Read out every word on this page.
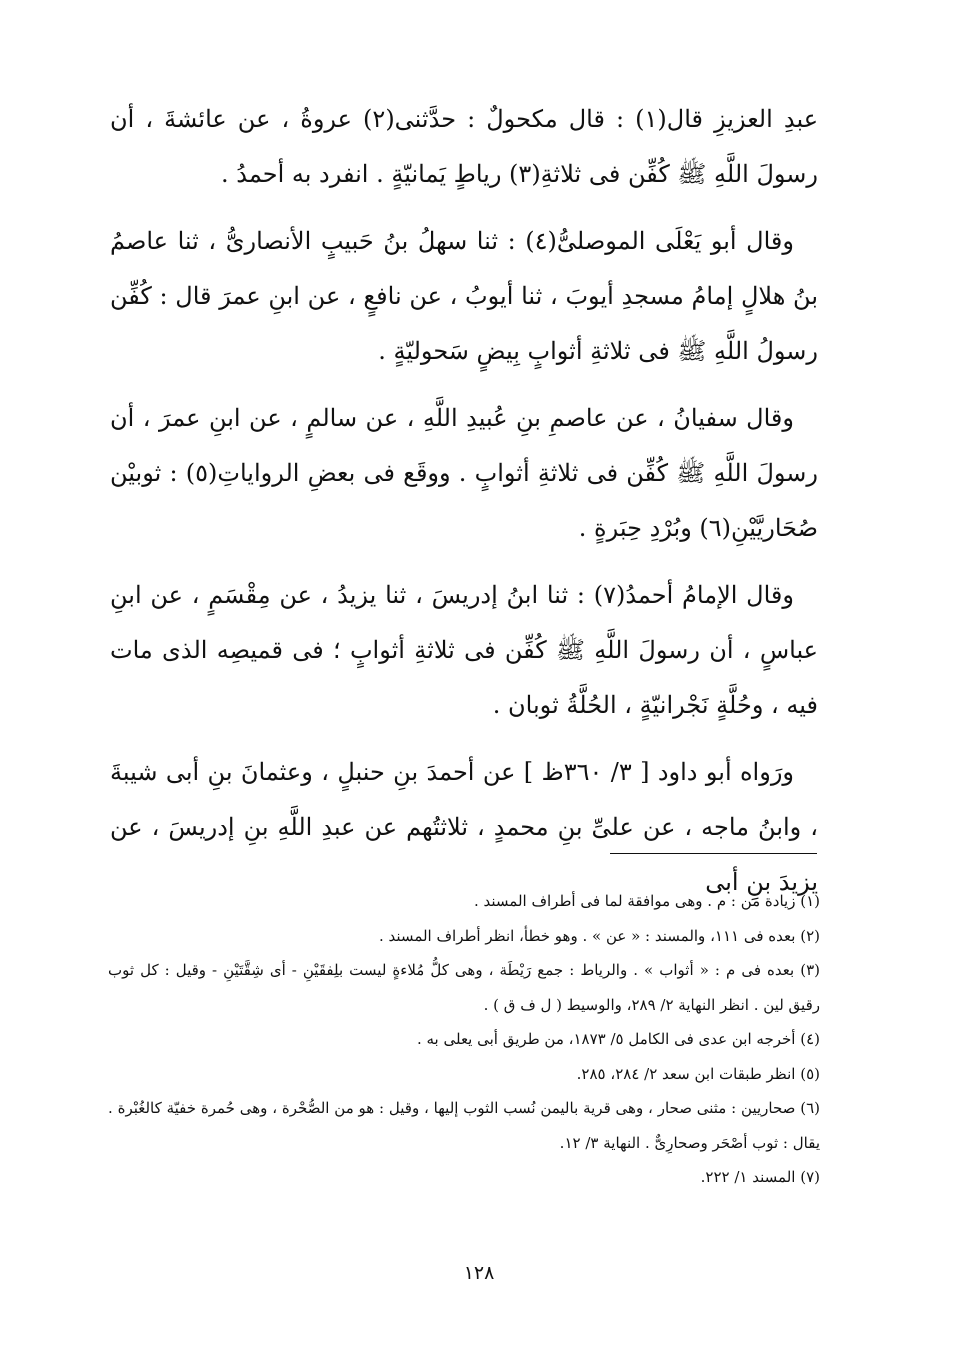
عبدِ العزيزِ قال(١) : قال مكحولٌ : حدَّثنى(٢) عروةُ ، عن عائشةَ ، أن رسولَ اللَّهِ ﷺ كُفِّن فى ثلاثةِ(٣) رياطٍ يَمانيّةٍ . انفرد به أحمدُ .

وقال أبو يَعْلَى الموصلىُّ(٤) : ثنا سهلُ بنُ حَبيبٍ الأنصارىُّ ، ثنا عاصمُ بنُ هلالٍ إمامُ مسجدِ أيوبَ ، ثنا أيوبُ ، عن نافعٍ ، عن ابنِ عمرَ قال : كُفِّن رسولُ اللَّهِ ﷺ فى ثلاثةِ أثوابٍ بِيضٍ سَحوليّةٍ .

وقال سفيانُ ، عن عاصمِ بنِ عُبيدِ اللَّهِ ، عن سالمٍ ، عن ابنِ عمرَ ، أن رسولَ اللَّهِ ﷺ كُفِّن فى ثلاثةِ أثوابٍ . ووقَع فى بعضِ الرواياتِ(٥) : ثوبيْن صُحَاريَّيْنِ(٦) وبُرْدِ حِبَرةٍ .

وقال الإمامُ أحمدُ(٧) : ثنا ابنُ إدريسَ ، ثنا يزيدُ ، عن مِقْسَمٍ ، عن ابنِ عباسٍ ، أن رسولَ اللَّهِ ﷺ كُفِّن فى ثلاثةِ أثوابٍ ؛ فى قميصِه الذى مات فيه ، وحُلَّةٍ نَجْرانيّةٍ ، الحُلَّةُ ثوبان .

ورَواه أبو داود [ ٣/ ٣٦٠ظ ] عن أحمدَ بنِ حنبلٍ ، وعثمانَ بنِ أبى شيبةَ ، وابنُ ماجه ، عن علىِّ بنِ محمدٍ ، ثلاثتُهم عن عبدِ اللَّهِ بنِ إدريسَ ، عن يزيدَ بنِ أبى

(١) زيادة من : م . وهى موافقة لما فى أطراف المسند .

(٢) بعده فى ١١١، والمسند : « عن » . وهو خطأ، انظر أطراف المسند .

(٣) بعده فى م : « أثواب » . والرياط : جمع رَيْطَة ، وهى كلُّ مُلاءةٍ ليست بلِفقَيْنِ - أى شِقَّتَيْنِ - وقيل : كل ثوب رقيق لين . انظر النهاية ٢/ ٢٨٩، والوسيط ( ل ف ق ) .

(٤) أخرجه ابن عدى فى الكامل ٥/ ١٨٧٣، من طريق أبى يعلى به .

(٥) انظر طبقات ابن سعد ٢/ ٢٨٤، ٢٨٥.

(٦) صحاريين : مثنى صحار ، وهى قرية باليمن نُسب الثوب إليها ، وقيل : هو من الصُّحْرة ، وهى حُمرة خفيّة كالغُبْرة . يقال : ثوب أصْحَر وصحارِىٌّ . النهاية ٣/ ١٢.

(٧) المسند ١/ ٢٢٢.

١٢٨
